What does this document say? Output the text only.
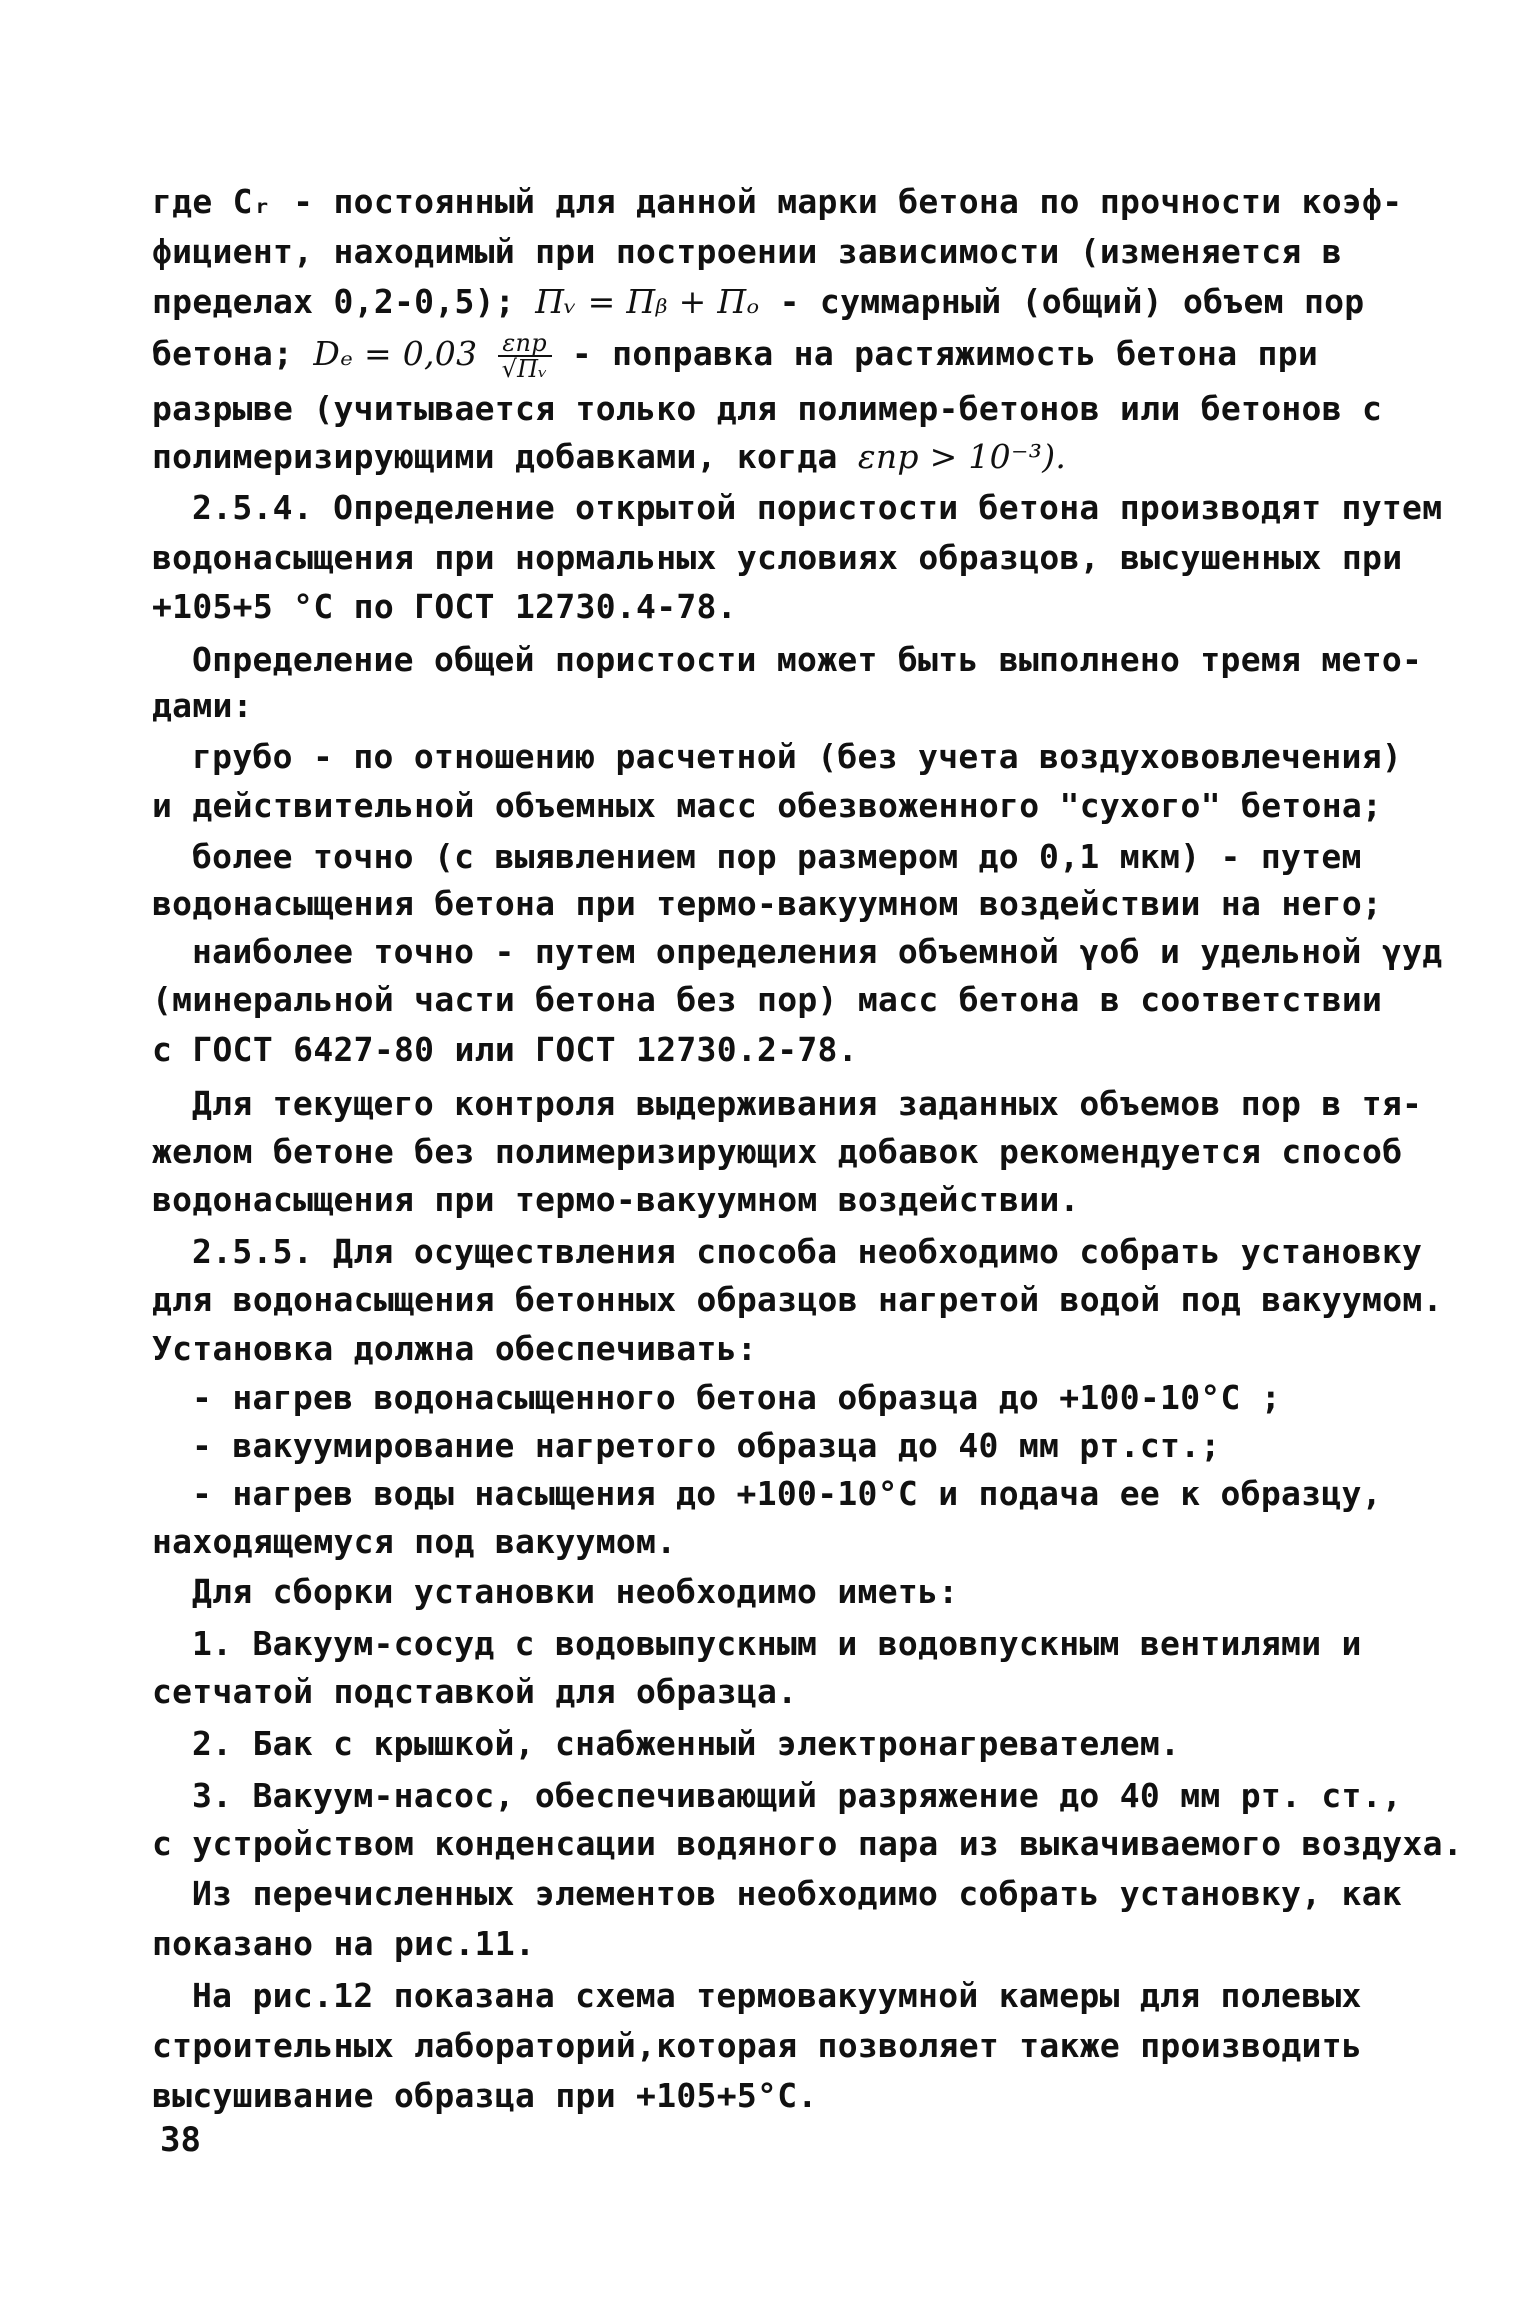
где Сᵣ - постоянный для данной марки бетона по прочности коэф-
фициент, находимый при построении зависимости (изменяется в
пределах 0,2-0,5); Πᵥ = Πᵦ + Πₒ - суммарный (общий) объем пор
бетона; $D_e = 0,03 \frac{\text{εпр}}{\text{√Πᵥ}}$ - поправка на растяжимость бетона при
разрыве (учитывается только для полимер-бетонов или бетонов с
полимеризирующими добавками, когда εпр > 10⁻³).
2.5.4. Определение открытой пористости бетона производят путем
водонасыщения при нормальных условиях образцов, высушенных при
+105+5 °С по ГОСТ 12730.4-78.
Определение общей пористости может быть выполнено тремя мето-
дами:
грубо - по отношению расчетной (без учета воздухововлечения)
и действительной объемных масс обезвоженного "сухого" бетона;
более точно (с выявлением пор размером до 0,1 мкм) - путем
водонасыщения бетона при термо-вакуумном воздействии на него;
наиболее точно - путем определения объемной γоб и удельной γуд
(минеральной части бетона без пор) масс бетона в соответствии
с ГОСТ 6427-80 или ГОСТ 12730.2-78.
Для текущего контроля выдерживания заданных объемов пор в тя-
желом бетоне без полимеризирующих добавок рекомендуется способ
водонасыщения при термо-вакуумном воздействии.
2.5.5. Для осуществления способа необходимо собрать установку
для водонасыщения бетонных образцов нагретой водой под вакуумом.
Установка должна обеспечивать:
- нагрев водонасыщенного бетона образца до +100-10°С ;
- вакуумирование нагретого образца до 40 мм рт.ст.;
- нагрев воды насыщения до +100-10°С и подача ее к образцу,
находящемуся под вакуумом.
Для сборки установки необходимо иметь:
1. Вакуум-сосуд с водовыпускным и водовпускным вентилями и
сетчатой подставкой для образца.
2. Бак с крышкой, снабженный электронагревателем.
3. Вакуум-насос, обеспечивающий разряжение до 40 мм рт. ст.,
с устройством конденсации водяного пара из выкачиваемого воздуха.
Из перечисленных элементов необходимо собрать установку, как
показано на рис.11.
На рис.12 показана схема термовакуумной камеры для полевых
строительных лабораторий,которая позволяет также производить
высушивание образца при +105+5°С.
38
